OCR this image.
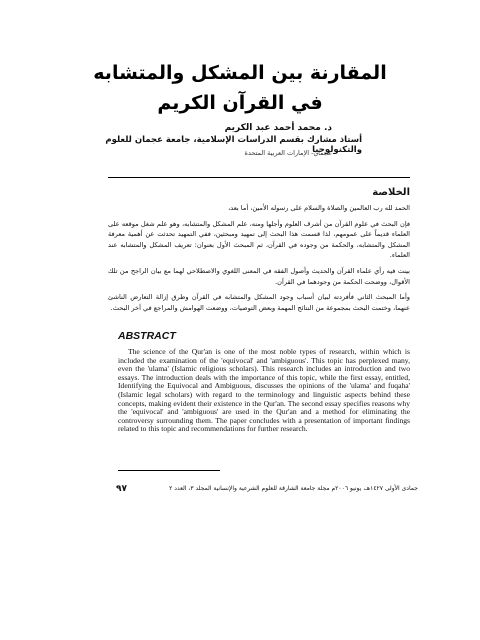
المقارنة بين المشكل والمتشابه
في القرآن الكريم
د. محمد أحمد عبد الكريم
أستاذ مشارك بقسم الدراسات الإسلامية، جامعة عجمان للعلوم والتكنولوجيا
عجمان- الإمارات العربية المتحدة
الخلاصة

الحمد لله رب العالمين والصلاة والسلام على رسوله الأمين، أما بعد،

فإن البحث في علوم القرآن من أشرف العلوم وأجلها ومنه، علم المشكل والمتشابه، وهو علم شغل موقعه على العلماء قديماً على عمومهم، لذا قسمت هذا البحث إلى تمهيد ومبحثين، ففي التمهيد تحدثت عن أهمية معرفة المشكل والمتشابه، والحكمة من وجوده في القرآن، ثم المبحث الأول بعنوان: تعريف المشكل والمتشابه عند العلماء.

بينت فيه رأي علماء القرآن والحديث وأصول الفقه في المعنى اللغوي والاصطلاحي لهما مع بيان الراجح من تلك الأقوال، ووضحت الحكمة من وجودهما في القرآن.

وأما المبحث الثاني فأفردته لبيان أسباب وجود المشكل والمتشابه في القرآن وطرق إزالة التعارض الناشئ عنهما، وختمت البحث بمجموعة من النتائج المهمة وبعض التوصيات، ووضعت الهوامش والمراجع في آخر البحث.

ABSTRACT

The science of the Qur'an is one of the most noble types of research, within which is included the examination of the 'equivocal' and 'ambiguous'. This topic has perplexed many, even the 'ulama' (Islamic religious scholars). This research includes an introduction and two essays. The introduction deals with the importance of this topic, while the first essay, entitled, Identifying the Equivocal and Ambiguous, discusses the opinions of the 'ulama' and fuqaha' (Islamic legal scholars) with regard to the terminology and linguistic aspects behind these concepts, making evident their existence in the Qur'an. The second essay specifies reasons why the 'equivocal' and 'ambiguous' are used in the Qur'an and a method for eliminating the controversy surrounding them. The paper concludes with a presentation of important findings related to this topic and recommendations for further research.

٩٧	جمادى الأولى ١٤٢٧هـ، يونيو ٢٠٠٦م مجلة جامعة الشارقة للعلوم الشرعية والإنسانية المجلد ٣، العدد ٢
